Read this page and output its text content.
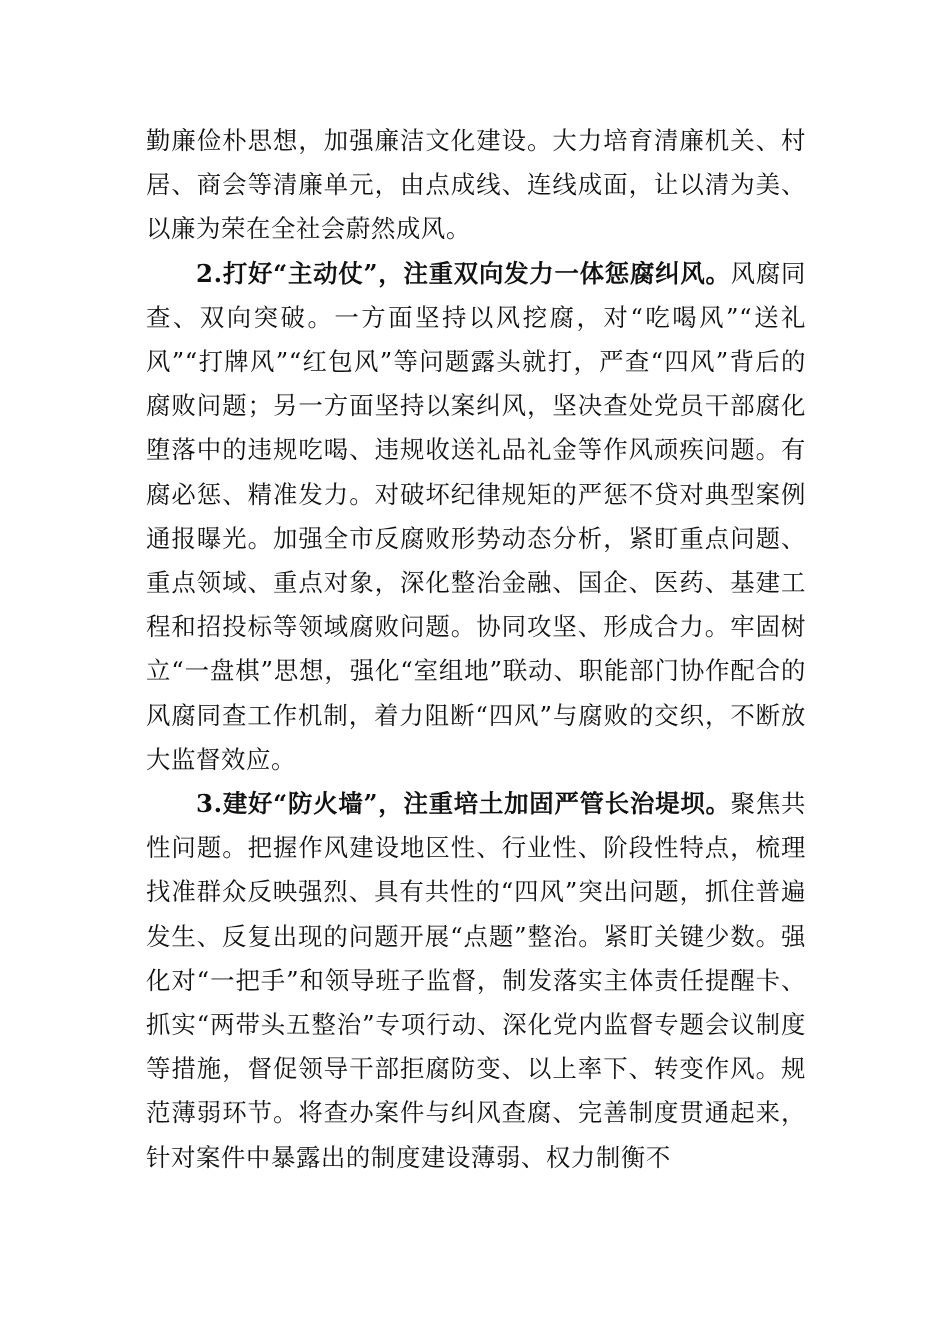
勤廉俭朴思想，加强廉洁文化建设。大力培育清廉机关、村居、商会等清廉单元，由点成线、连线成面，让以清为美、以廉为荣在全社会蔚然成风。

2.打好“主动仗”，注重双向发力一体惩腐纠风。风腐同查、双向突破。一方面坚持以风挖腐，对“吃喝风”“送礼风”“打牌风”“红包风”等问题露头就打，严查“四风”背后的腐败问题；另一方面坚持以案纠风，坚决查处党员干部腐化堕落中的违规吃喝、违规收送礼品礼金等作风顽疾问题。有腐必惩、精准发力。对破坏纪律规矩的严惩不贷对典型案例通报曝光。加强全市反腐败形势动态分析，紧盯重点问题、重点领域、重点对象，深化整治金融、国企、医药、基建工程和招投标等领域腐败问题。协同攻坚、形成合力。牢固树立“一盘棋”思想，强化“室组地”联动、职能部门协作配合的风腐同查工作机制，着力阻断“四风”与腐败的交织，不断放大监督效应。

3.建好“防火墙”，注重培土加固严管长治堤坝。聚焦共性问题。把握作风建设地区性、行业性、阶段性特点，梳理找准群众反映强烈、具有共性的“四风”突出问题，抓住普遍发生、反复出现的问题开展“点题”整治。紧盯关键少数。强化对“一把手”和领导班子监督，制发落实主体责任提醒卡、抓实“两带头五整治”专项行动、深化党内监督专题会议制度等措施，督促领导干部拒腐防变、以上率下、转变作风。规范薄弱环节。将查办案件与纠风查腐、完善制度贯通起来，针对案件中暴露出的制度建设薄弱、权力制衡不
